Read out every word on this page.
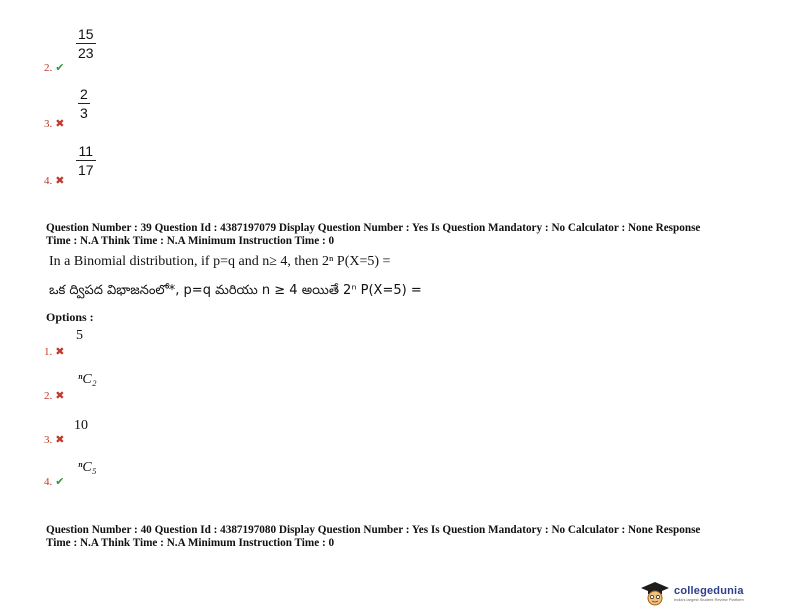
2. ✔
15
23
3. ✖
2
3
4. ✖
11
17
Question Number : 39 Question Id : 4387197079 Display Question Number : Yes Is Question Mandatory : No Calculator : None Response
Time : N.A Think Time : N.A Minimum Instruction Time : 0
In a Binomial distribution, if p=q and n≥ 4, then 2ⁿ P(X=5) =
ఒక ద్విపద విభాజనంలో*, p=q మరియు n ≥ 4 అయితే 2ⁿ P(X=5) =
Options :
1. ✖
5
2. ✖
ⁿC₂
3. ✖
10
4. ✔
ⁿC₅
Question Number : 40 Question Id : 4387197080 Display Question Number : Yes Is Question Mandatory : No Calculator : None Response
Time : N.A Think Time : N.A Minimum Instruction Time : 0
collegedunia
India's largest Student Review Platform
